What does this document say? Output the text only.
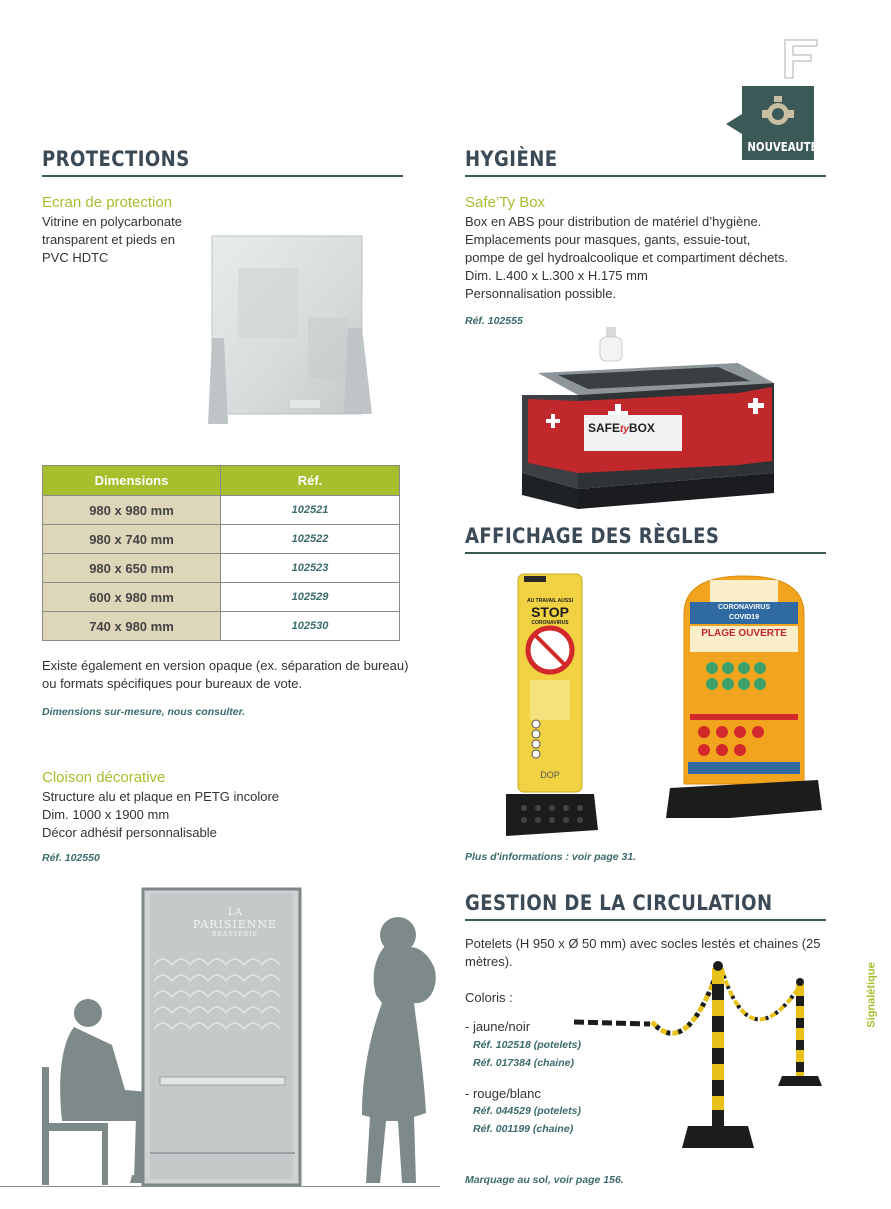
NOUVEAUTÉ
PROTECTIONS
Ecran de protection
Vitrine en polycarbonate
transparent et pieds en
PVC HDTC
Dimensions	Réf.
980 x 980 mm	102521
980 x 740 mm	102522
980 x 650 mm	102523
600 x 980 mm	102529
740 x 980 mm	102530
Existe également en version opaque (ex. séparation de bureau)
ou formats spécifiques pour bureaux de vote.
Dimensions sur-mesure, nous consulter.
Cloison décorative
Structure alu et plaque en PETG incolore
Dim. 1000 x 1900 mm
Décor adhésif personnalisable
Réf. 102550
LA
PARISIENNE
BRASSERIE
HYGIÈNE
Safe’Ty Box
Box en ABS pour distribution de matériel d’hygiène.
Emplacements pour masques, gants, essuie-tout,
pompe de gel hydroalcoolique et compartiment déchets.
Dim. L.400 x L.300 x H.175 mm
Personnalisation possible.
Réf. 102555
SAFEtyBOX
AFFICHAGE DES RÈGLES
AU TRAVAIL AUSSI
STOP
CORONAVIRUS
DOP
CORONAVIRUS
COVID19
PLAGE OUVERTE
Plus d'informations : voir page 31.
GESTION DE LA CIRCULATION
Potelets (H 950 x Ø 50 mm) avec socles lestés et chaines (25
mètres).
Coloris :
- jaune/noir
Réf. 102518 (potelets)
Réf. 017384 (chaine)
- rouge/blanc
Réf. 044529 (potelets)
Réf. 001199 (chaine)
Marquage au sol, voir page 156.
Signalétique
